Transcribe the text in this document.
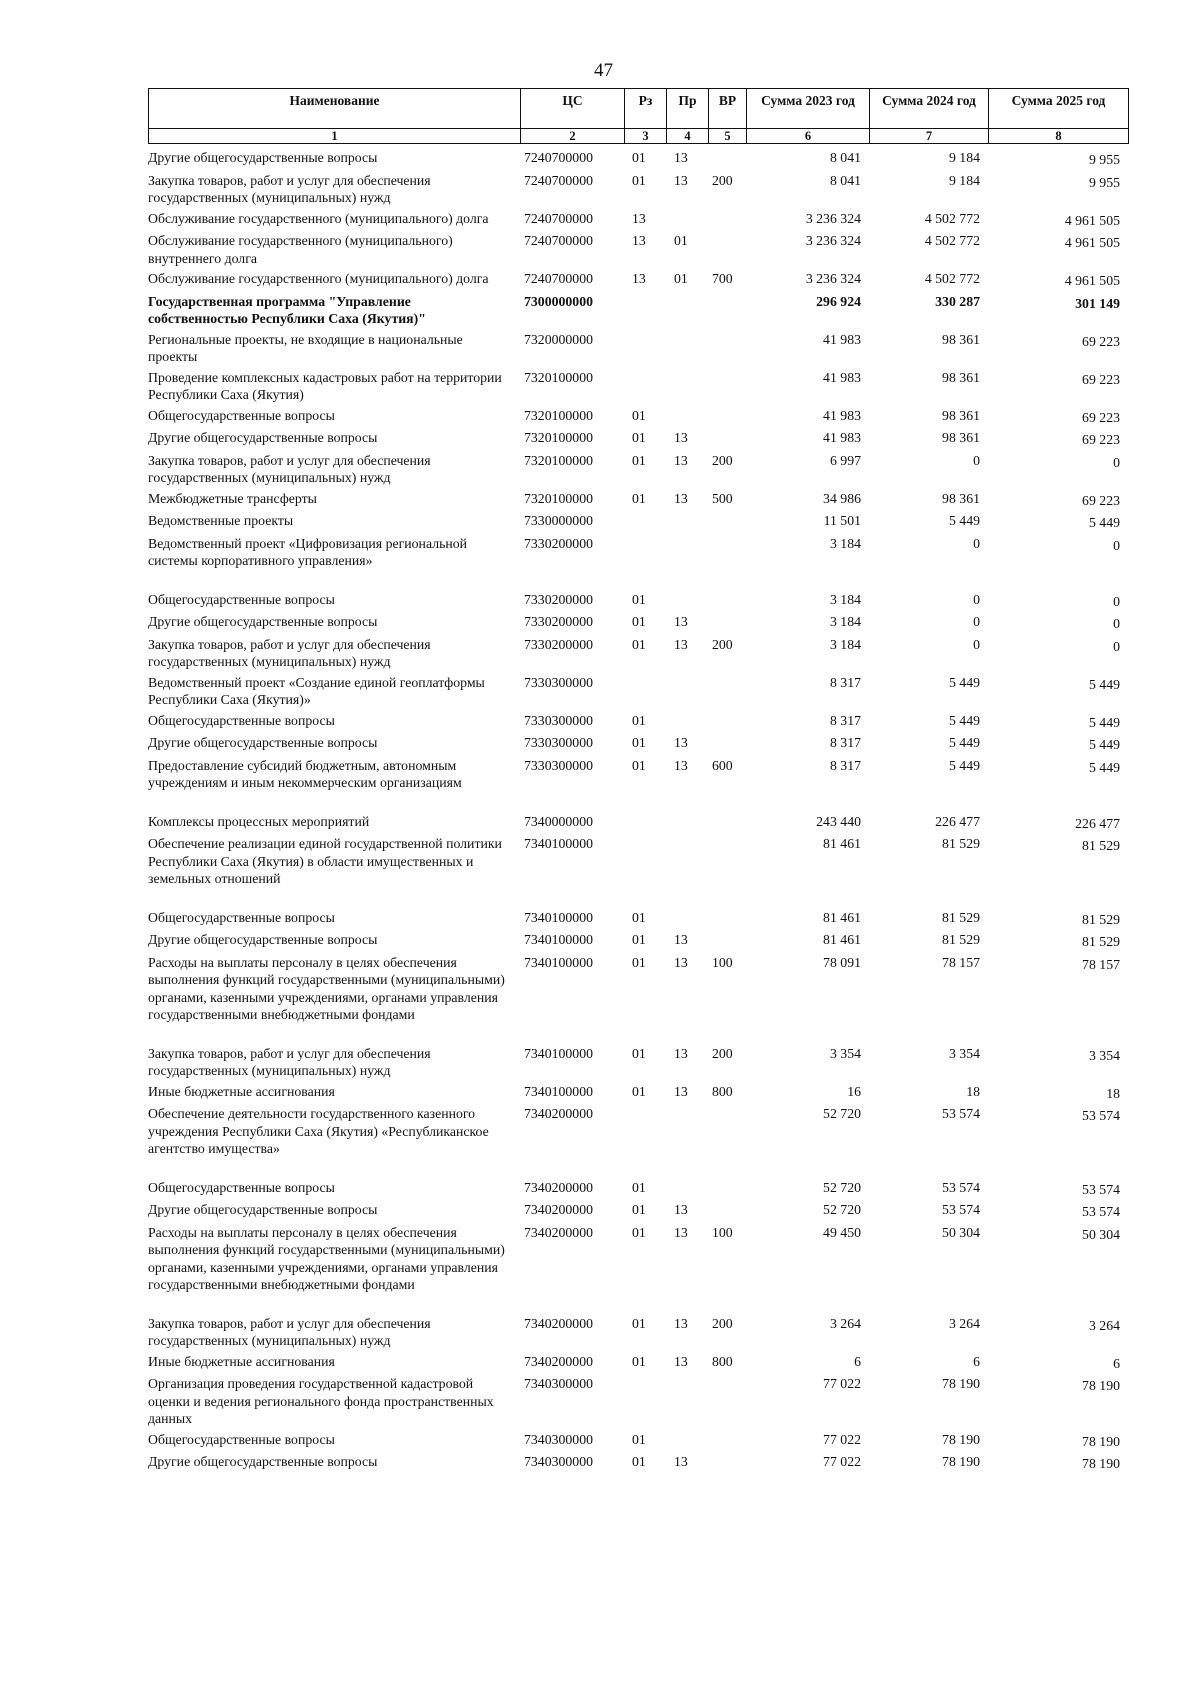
47
Наименование	ЦС	Рз	Пр	ВР	Сумма 2023 год	Сумма 2024 год	Сумма 2025 год
1	2	3	4	5	6	7	8
Другие общегосударственные вопросы	7240700000	01	13		8 041	9 184	9 955
Закупка товаров, работ и услуг для обеспечения государственных (муниципальных) нужд	7240700000	01	13	200	8 041	9 184	9 955
Обслуживание государственного (муниципального) долга	7240700000	13			3 236 324	4 502 772	4 961 505
Обслуживание государственного (муниципального) внутреннего долга	7240700000	13	01		3 236 324	4 502 772	4 961 505
Обслуживание государственного (муниципального) долга	7240700000	13	01	700	3 236 324	4 502 772	4 961 505
Государственная программа "Управление собственностью Республики Саха (Якутия)"	7300000000				296 924	330 287	301 149
Региональные проекты, не входящие в национальные проекты	7320000000				41 983	98 361	69 223
Проведение комплексных кадастровых работ на территории Республики Саха (Якутия)	7320100000				41 983	98 361	69 223
Общегосударственные вопросы	7320100000	01			41 983	98 361	69 223
Другие общегосударственные вопросы	7320100000	01	13		41 983	98 361	69 223
Закупка товаров, работ и услуг для обеспечения государственных (муниципальных) нужд	7320100000	01	13	200	6 997	0	0
Межбюджетные трансферты	7320100000	01	13	500	34 986	98 361	69 223
Ведомственные проекты	7330000000				11 501	5 449	5 449
Ведомственный проект «Цифровизация региональной системы корпоративного управления»	7330200000				3 184	0	0
Общегосударственные вопросы	7330200000	01			3 184	0	0
Другие общегосударственные вопросы	7330200000	01	13		3 184	0	0
Закупка товаров, работ и услуг для обеспечения государственных (муниципальных) нужд	7330200000	01	13	200	3 184	0	0
Ведомственный проект «Создание единой геоплатформы Республики Саха (Якутия)»	7330300000				8 317	5 449	5 449
Общегосударственные вопросы	7330300000	01			8 317	5 449	5 449
Другие общегосударственные вопросы	7330300000	01	13		8 317	5 449	5 449
Предоставление субсидий бюджетным, автономным учреждениям и иным некоммерческим организациям	7330300000	01	13	600	8 317	5 449	5 449
Комплексы процессных мероприятий	7340000000				243 440	226 477	226 477
Обеспечение реализации единой государственной политики Республики Саха (Якутия) в области имущественных и земельных отношений	7340100000				81 461	81 529	81 529
Общегосударственные вопросы	7340100000	01			81 461	81 529	81 529
Другие общегосударственные вопросы	7340100000	01	13		81 461	81 529	81 529
Расходы на выплаты персоналу в целях обеспечения выполнения функций государственными (муниципальными) органами, казенными учреждениями, органами управления государственными внебюджетными фондами	7340100000	01	13	100	78 091	78 157	78 157
Закупка товаров, работ и услуг для обеспечения государственных (муниципальных) нужд	7340100000	01	13	200	3 354	3 354	3 354
Иные бюджетные ассигнования	7340100000	01	13	800	16	18	18
Обеспечение деятельности государственного казенного учреждения Республики Саха (Якутия) «Республиканское агентство имущества»	7340200000				52 720	53 574	53 574
Общегосударственные вопросы	7340200000	01			52 720	53 574	53 574
Другие общегосударственные вопросы	7340200000	01	13		52 720	53 574	53 574
Расходы на выплаты персоналу в целях обеспечения выполнения функций государственными (муниципальными) органами, казенными учреждениями, органами управления государственными внебюджетными фондами	7340200000	01	13	100	49 450	50 304	50 304
Закупка товаров, работ и услуг для обеспечения государственных (муниципальных) нужд	7340200000	01	13	200	3 264	3 264	3 264
Иные бюджетные ассигнования	7340200000	01	13	800	6	6	6
Организация проведения государственной кадастровой оценки и ведения регионального фонда пространственных данных	7340300000				77 022	78 190	78 190
Общегосударственные вопросы	7340300000	01			77 022	78 190	78 190
Другие общегосударственные вопросы	7340300000	01	13		77 022	78 190	78 190
